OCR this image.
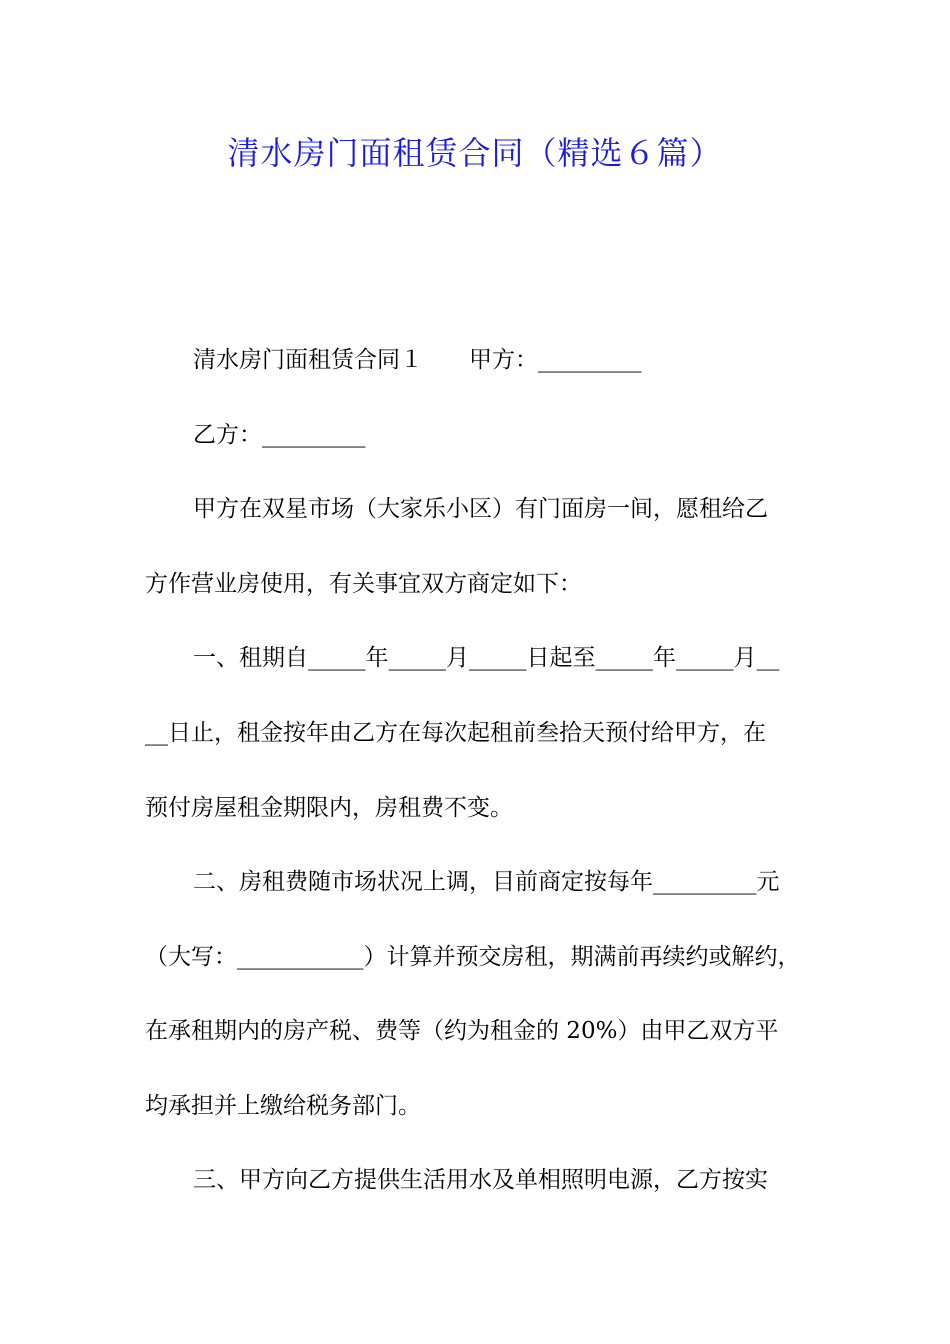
清水房门面租赁合同（精选６篇）

清水房门面租赁合同１　　甲方：_________

乙方：_________

甲方在双星市场（大家乐小区）有门面房一间，愿租给乙

方作营业房使用，有关事宜双方商定如下：

一、租期自_____年_____月_____日起至_____年_____月__

__日止，租金按年由乙方在每次起租前叁拾天预付给甲方，在

预付房屋租金期限内，房租费不变。

二、房租费随市场状况上调，目前商定按每年_________元

（大写：___________）计算并预交房租，期满前再续约或解约，

在承租期内的房产税、费等（约为租金的 20%）由甲乙双方平

均承担并上缴给税务部门。

三、甲方向乙方提供生活用水及单相照明电源，乙方按实
